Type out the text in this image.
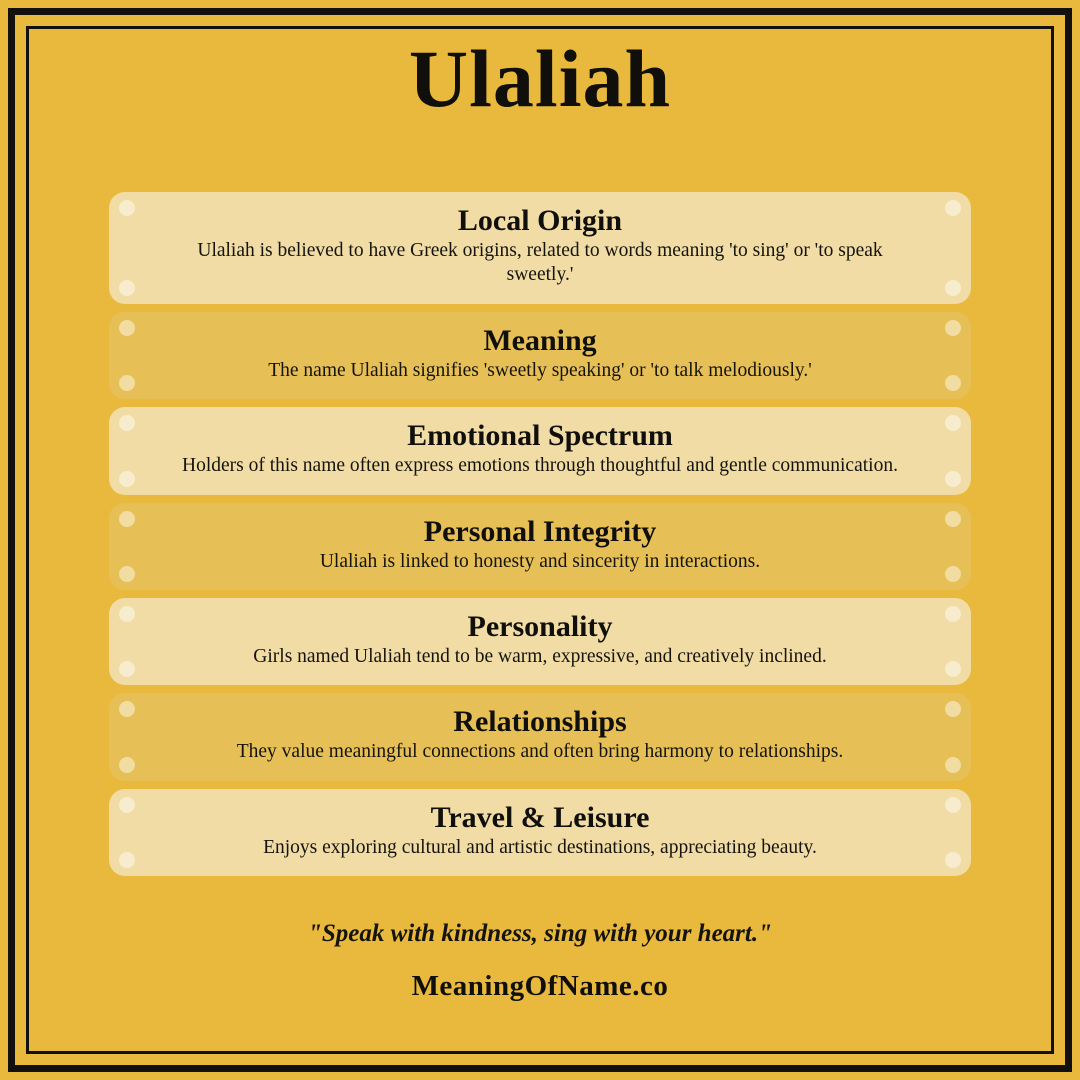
Ulaliah
Local Origin
Ulaliah is believed to have Greek origins, related to words meaning 'to sing' or 'to speak sweetly.'
Meaning
The name Ulaliah signifies 'sweetly speaking' or 'to talk melodiously.'
Emotional Spectrum
Holders of this name often express emotions through thoughtful and gentle communication.
Personal Integrity
Ulaliah is linked to honesty and sincerity in interactions.
Personality
Girls named Ulaliah tend to be warm, expressive, and creatively inclined.
Relationships
They value meaningful connections and often bring harmony to relationships.
Travel & Leisure
Enjoys exploring cultural and artistic destinations, appreciating beauty.
"Speak with kindness, sing with your heart."
MeaningOfName.co
